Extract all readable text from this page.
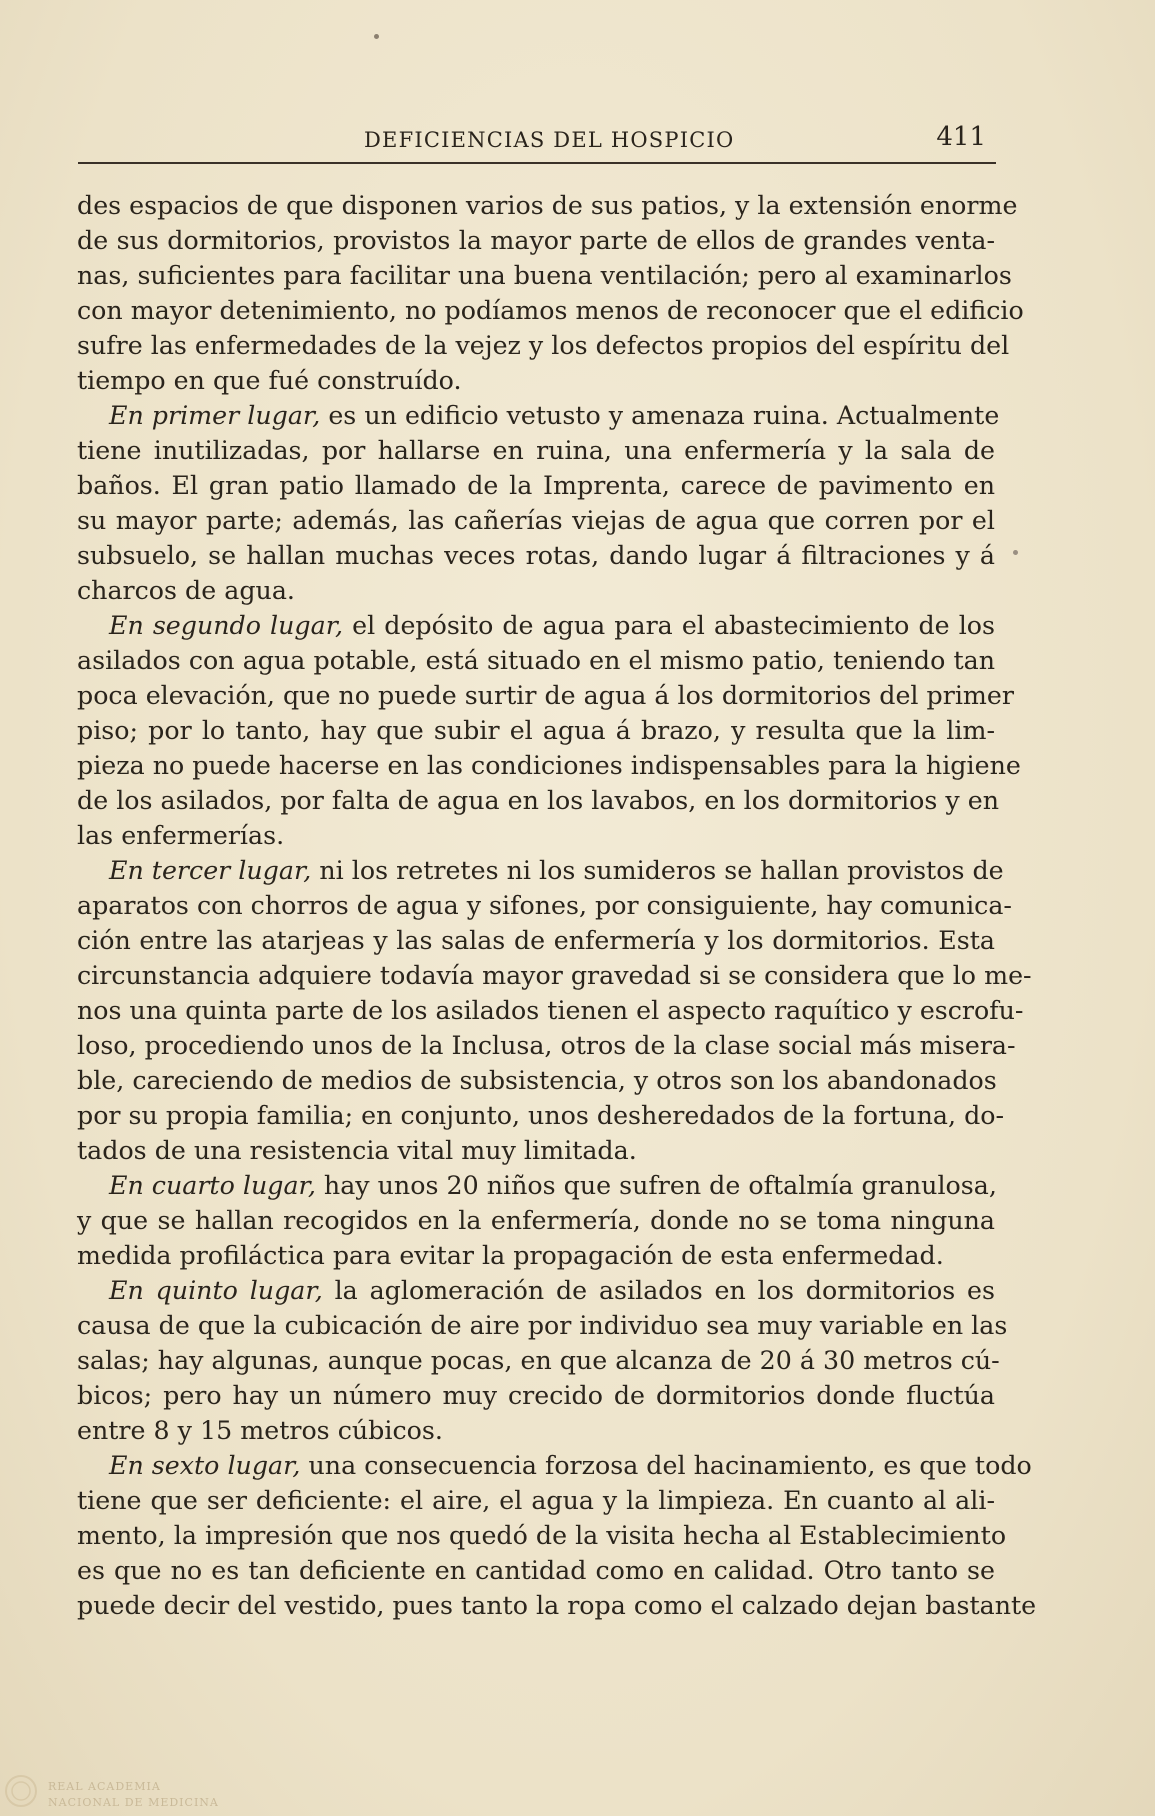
DEFICIENCIAS DEL HOSPICIO	411
des espacios de que disponen varios de sus patios, y la extensión enorme
de sus dormitorios, provistos la mayor parte de ellos de grandes venta-
nas, suficientes para facilitar una buena ventilación; pero al examinarlos
con mayor detenimiento, no podíamos menos de reconocer que el edificio
sufre las enfermedades de la vejez y los defectos propios del espíritu del
tiempo en que fué construído.
En primer lugar, es un edificio vetusto y amenaza ruina. Actualmente
tiene inutilizadas, por hallarse en ruina, una enfermería y la sala de
baños. El gran patio llamado de la Imprenta, carece de pavimento en
su mayor parte; además, las cañerías viejas de agua que corren por el
subsuelo, se hallan muchas veces rotas, dando lugar á filtraciones y á
charcos de agua.
En segundo lugar, el depósito de agua para el abastecimiento de los
asilados con agua potable, está situado en el mismo patio, teniendo tan
poca elevación, que no puede surtir de agua á los dormitorios del primer
piso; por lo tanto, hay que subir el agua á brazo, y resulta que la lim-
pieza no puede hacerse en las condiciones indispensables para la higiene
de los asilados, por falta de agua en los lavabos, en los dormitorios y en
las enfermerías.
En tercer lugar, ni los retretes ni los sumideros se hallan provistos de
aparatos con chorros de agua y sifones, por consiguiente, hay comunica-
ción entre las atarjeas y las salas de enfermería y los dormitorios. Esta
circunstancia adquiere todavía mayor gravedad si se considera que lo me-
nos una quinta parte de los asilados tienen el aspecto raquítico y escrofu-
loso, procediendo unos de la Inclusa, otros de la clase social más misera-
ble, careciendo de medios de subsistencia, y otros son los abandonados
por su propia familia; en conjunto, unos desheredados de la fortuna, do-
tados de una resistencia vital muy limitada.
En cuarto lugar, hay unos 20 niños que sufren de oftalmía granulosa,
y que se hallan recogidos en la enfermería, donde no se toma ninguna
medida profiláctica para evitar la propagación de esta enfermedad.
En quinto lugar, la aglomeración de asilados en los dormitorios es
causa de que la cubicación de aire por individuo sea muy variable en las
salas; hay algunas, aunque pocas, en que alcanza de 20 á 30 metros cú-
bicos; pero hay un número muy crecido de dormitorios donde fluctúa
entre 8 y 15 metros cúbicos.
En sexto lugar, una consecuencia forzosa del hacinamiento, es que todo
tiene que ser deficiente: el aire, el agua y la limpieza. En cuanto al ali-
mento, la impresión que nos quedó de la visita hecha al Establecimiento
es que no es tan deficiente en cantidad como en calidad. Otro tanto se
puede decir del vestido, pues tanto la ropa como el calzado dejan bastante
REAL ACADEMIA
NACIONAL DE MEDICINA
